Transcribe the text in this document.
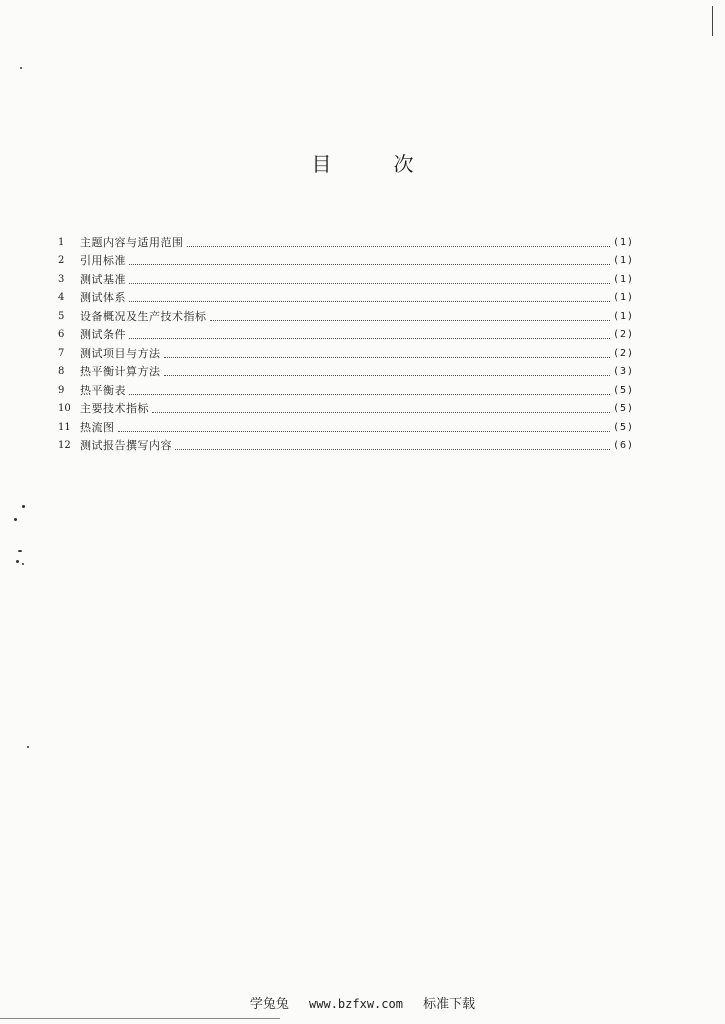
目	次
1	主题内容与适用范围	(1)
2	引用标准	(1)
3	测试基准	(1)
4	测试体系	(1)
5	设备概况及生产技术指标	(1)
6	测试条件	(2)
7	测试项目与方法	(2)
8	热平衡计算方法	(3)
9	热平衡表	(5)
10 主要技术指标	(5)
11 热流图	(5)
12 测试报告撰写内容	(6)
学兔兔 www.bzfxw.com 标准下载
